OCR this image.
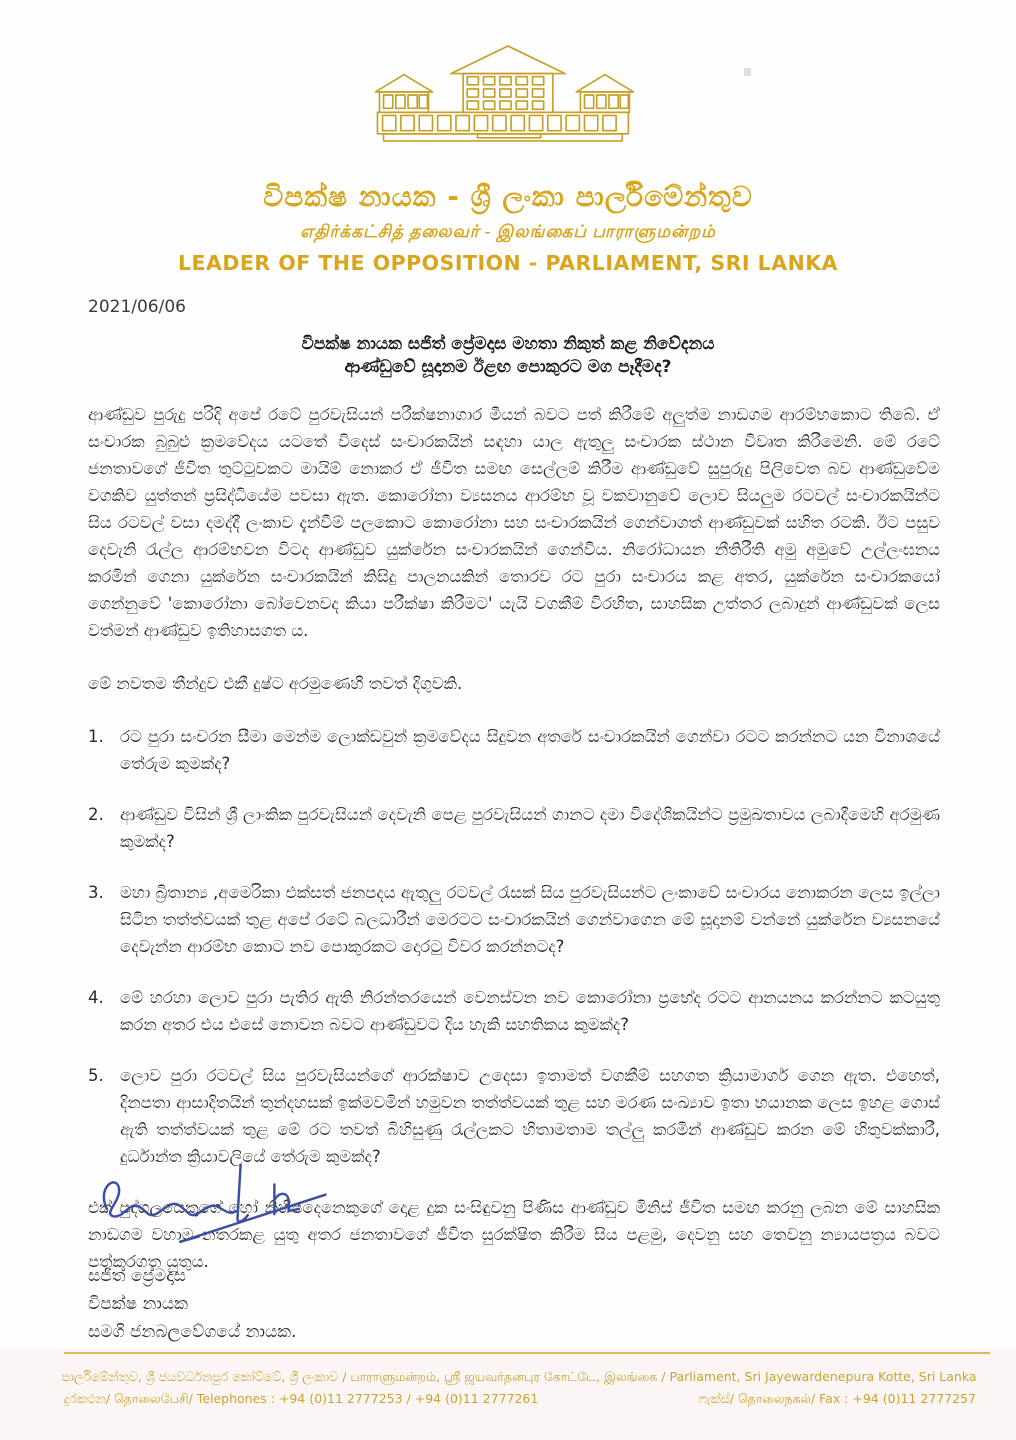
විපක්ෂ නායක - ශ්‍රී ලංකා පාර්ලිමේන්තුව
எதிர்க்கட்சித் தலைவர் - இலங்கைப் பாராளுமன்றம்
LEADER OF THE OPPOSITION - PARLIAMENT, SRI LANKA
2021/06/06
විපක්ෂ නායක සජිත් ප්‍රේමදාස මහතා නිකුත් කළ නිවේදනය
ආණ්ඩුවේ සූදානම ඊළඟ පොකුරට මග පෑදීමද?

ආණ්ඩුව පුරුදු පරිදි අපේ රටේ පුරවැසියන් පරීක්ෂනාගාර මීයන් බවට පත් කිරීමේ අලුත්ම නාඩගම ආරම්භකොට තිබේ. ඒ සංචාරක බුබුළු ක්‍රමවේදය යටතේ විදෙස් සංචාරකයින් සඳහා යාල ඇතුලු සංචාරක ස්ථාන විවෘත කිරීමෙනි. මේ රටේ ජනතාවගේ ජීවිත තුට්ටුවකට මායිම් නොකර ඒ ජීවිත සමඟ සෙල්ලම් කිරීම ආණ්ඩුවේ සුපුරුදු පිලිවෙත බව ආණ්ඩුවේම වගකිව යුත්තන් ප්‍රසිද්ධියේම පවසා ඇත. කොරෝනා ව්‍යසනය ආරම්භ වූ වකවානුවේ ලොව සියලුම රටවල් සංචාරකයින්ට සිය රටවල් වසා දමද්දී ලංකාව දැන්වීම් පලකොට කොරෝනා සහ සංචාරකයින් ගෙන්වාගත් ආණ්ඩුවක් සහිත රටකි. ඊට පසුව දෙවැනි රැල්ල ආරම්භවන විටද ආණ්ඩුව යුක්රේන සංචාරකයින් ගෙන්වීය. නිරෝධායන නීතිරීති අමු අමුවේ උල්ලංඝනය කරමින් ගෙනා යුක්රේන සංචාරකයින් කිසිදු පාලනයකින් තොරව රට පුරා සංචාරය කළ අතර, යුක්රේන සංචාරකයෝ ගෙන්නුවේ 'කොරෝනා බෝවෙනවද කියා පරීක්ෂා කිරීමට' යැයි වගකීම් විරහිත, සාහසික උත්තර ලබාදුන් ආණ්ඩුවක් ලෙස වත්මන් ආණ්ඩුව ඉතිහාසගත ය.

මේ නවතම තීන්දුව එකී දුෂ්ට අරමුණෙහි තවත් දිගුවකි.

1. රට පුරා සංචරන සීමා මෙන්ම ලොක්ඩවුන් ක්‍රමවේදය සිදුවන අතරේ සංචාරකයින් ගෙන්වා රටට කරන්නට යන විනාශයේ තේරුම කුමක්ද?
2. ආණ්ඩුව විසින් ශ්‍රී ලාංකික පුරවැසියන් දෙවැනි පෙළ පුරවැසියන් ගානට දමා විදේශිකයින්ට ප්‍රමුඛතාවය ලබාදීමෙහි අරමුණ කුමක්ද?
3. මහා බ්‍රිතාන්‍ය ,අමෙරිකා එක්සත් ජනපදය ඇතුලු රටවල් රැසක් සිය පුරවැසියන්ට ලංකාවේ සංචාරය නොකරන ලෙස ඉල්ලා සිටින තත්ත්වයක් තුළ අපේ රටේ බලධාරීන් මෙරටට සංචාරකයින් ගෙන්වාගෙන මේ සූදානම් වන්නේ යුක්රේන ව්‍යසනයේ දෙවැන්න ආරම්භ කොට නව පොකුරකට දොරටු විවර කරන්නටද?
4. මේ හරහා ලොව පුරා පැතිර ඇති නිරන්තරයෙන් වෙනස්වන නව කොරෝනා ප්‍රභේද රටට ආනයනය කරන්නට කටයුතු කරන අතර එය එසේ නොවන බවට ආණ්ඩුවට දිය හැකි සහතිකය කුමක්ද?
5. ලොව පුරා රටවල් සිය පුරවැසියන්ගේ ආරක්ෂාව උදෙසා ඉතාමත් වගකීම් සහගත ක්‍රියාමාර්ග ගෙන ඇත. එහෙත්, දිනපතා ආසාදිතයින් තුන්දහසක් ඉක්මවමින් හමුවන තත්ත්වයක් තුළ සහ මරණ සංඛ්‍යාව ඉතා භයානක ලෙස ඉහළ ගොස් ඇති තත්ත්වයක් තුළ මේ රට තවත් බිහිසුණු රැල්ලකට හිතාමතාම තල්ලු කරමින් ආණ්ඩුව කරන මේ හිතුවක්කාරී, දුර්ධාන්ත ක්‍රියාවලියේ තේරුම කුමක්ද?

එක් පුද්ගලයෙකුගේ හෝ කිහිපදෙනෙකුගේ දොළ දුක සංසිඳුවනු පිණිස ආණ්ඩුව මිනිස් ජීවිත සමඟ කරනු ලබන මේ සාහසික නාඩගම වහාම නතරකළ යුතු අතර ජනතාවගේ ජීවිත සුරක්ෂිත කිරීම සිය පළමු, දෙවනු සහ තෙවනු න්‍යායපත්‍රය බවට පත්කරගත යුතුය.

සජිත් ප්‍රේමදාස
විපක්ෂ නායක
සමගි ජනබලවේගයේ නායක.
පාර්ලිමේන්තුව, ශ්‍රී ජයවර්ධනපුර කෝට්ටේ, ශ්‍රී ලංකාව / பாராளுமன்றம், ஸ்ரீ ஜயவர்தனபுர கோட்டே, இலங்கை / Parliament, Sri Jayewardenepura Kotte, Sri Lanka
දුරකථන/ தொலைபேசி/ Telephones : +94 (0)11 2777253 / +94 (0)11 2777261	ෆැක්ස්/ தொலைநகல்/ Fax : +94 (0)11 2777257
